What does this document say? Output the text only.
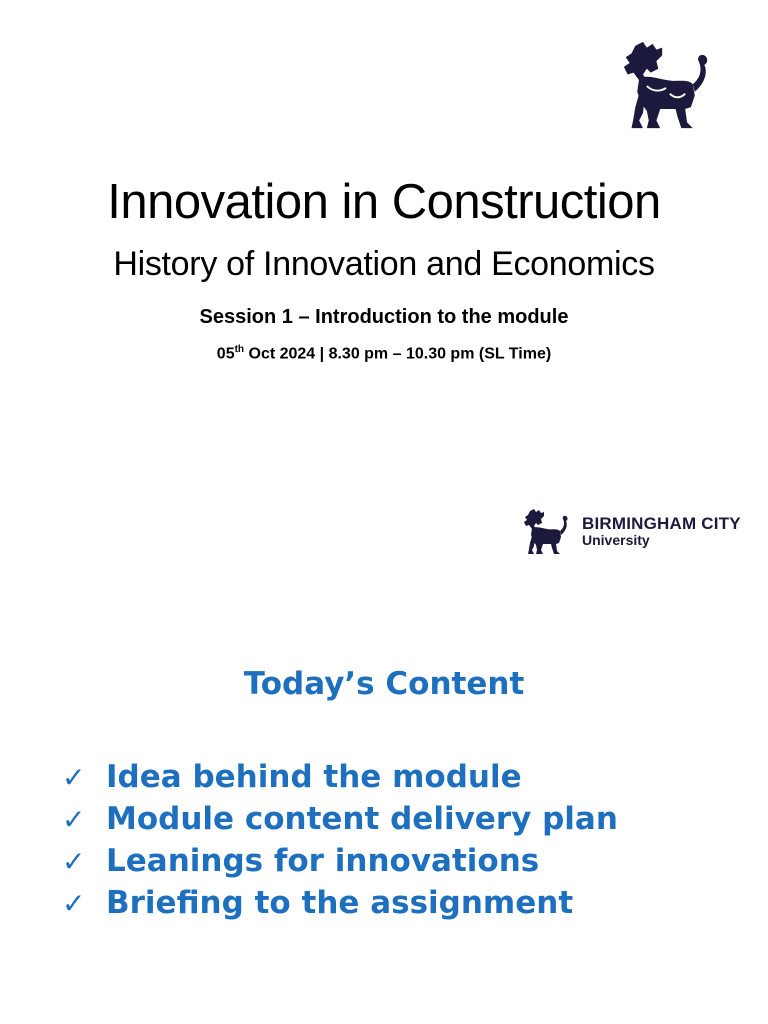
Innovation in Construction
History of Innovation and Economics
Session 1 – Introduction to the module
05th Oct 2024 | 8.30 pm – 10.30 pm (SL Time)
BIRMINGHAM CITY
University
Today’s Content
✓ Idea behind the module
✓ Module content delivery plan
✓ Leanings for innovations
✓ Briefing to the assignment
